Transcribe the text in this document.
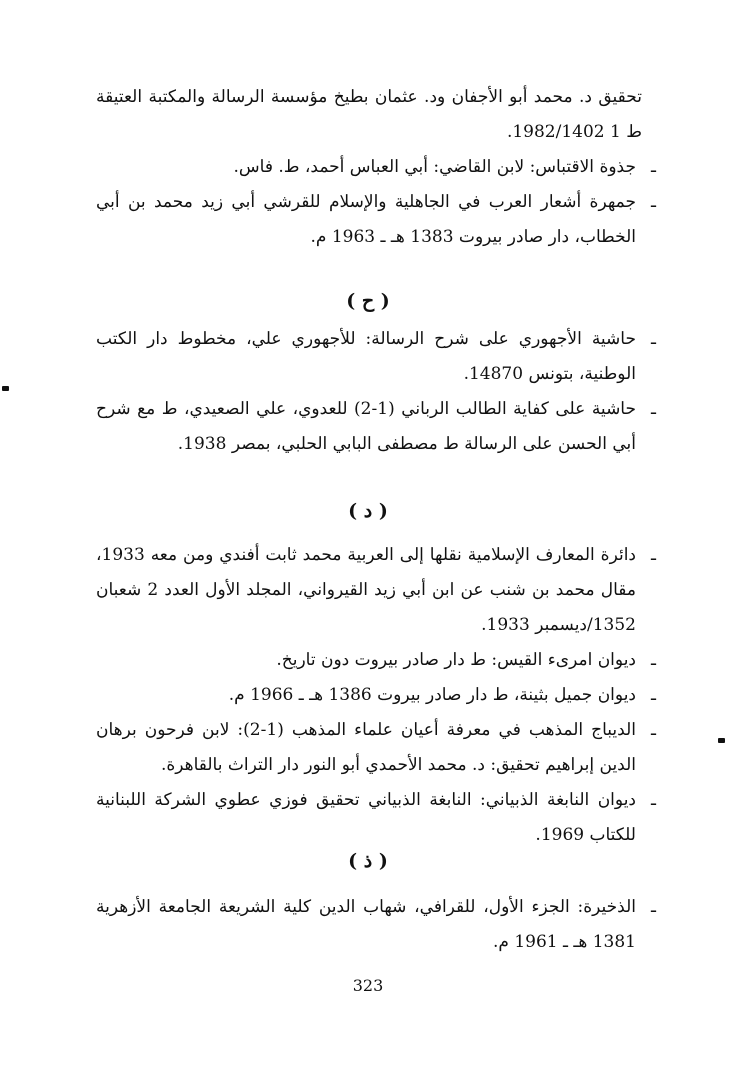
تحقيق د. محمد أبو الأجفان ود. عثمان بطيخ مؤسسة الرسالة والمكتبة العتيقة ط 1 1982/1402.

ـ
جذوة الاقتباس: لابن القاضي: أبي العباس أحمد، ط. فاس.

ـ
جمهرة أشعار العرب في الجاهلية والإسلام للقرشي أبي زيد محمد بن أبي الخطاب، دار صادر بيروت 1383 هـ ـ 1963 م.

( ح )

ـ
حاشية الأجهوري على شرح الرسالة: للأجهوري علي، مخطوط دار الكتب الوطنية، بتونس 14870.

ـ
حاشية على كفاية الطالب الرباني (1-2) للعدوي، علي الصعيدي، ط مع شرح أبي الحسن على الرسالة ط مصطفى البابي الحلبي، بمصر 1938.

( د )

ـ
دائرة المعارف الإسلامية نقلها إلى العربية محمد ثابت أفندي ومن معه 1933، مقال محمد بن شنب عن ابن أبي زيد القيرواني، المجلد الأول العدد 2 شعبان 1352/ديسمبر 1933.

ـ
ديوان امرىء القيس: ط دار صادر بيروت دون تاريخ.

ـ
ديوان جميل بثينة، ط دار صادر بيروت 1386 هـ ـ 1966 م.

ـ
الديباج المذهب في معرفة أعيان علماء المذهب (1-2): لابن فرحون برهان الدين إبراهيم تحقيق: د. محمد الأحمدي أبو النور دار التراث بالقاهرة.

ـ
ديوان النابغة الذبياني: النابغة الذبياني تحقيق فوزي عطوي الشركة اللبنانية للكتاب 1969.

( ذ )

ـ
الذخيرة: الجزء الأول، للقرافي، شهاب الدين كلية الشريعة الجامعة الأزهرية 1381 هـ ـ 1961 م.

323
